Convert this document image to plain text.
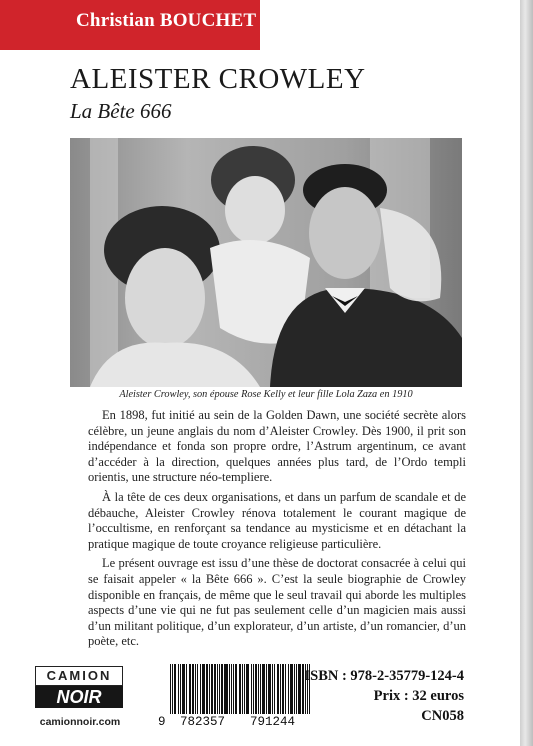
Christian BOUCHET
ALEISTER CROWLEY
La Bête 666
Aleister Crowley, son épouse Rose Kelly et leur fille Lola Zaza en 1910

En 1898, fut initié au sein de la Golden Dawn, une société secrète alors célèbre, un jeune anglais du nom d’Aleister Crowley. Dès 1900, il prit son indépendance et fonda son propre ordre, l’Astrum argentinum, ce avant d’accéder à la direction, quelques années plus tard, de l’Ordo templi orientis, une structure néo-templiere.

À la tête de ces deux organisations, et dans un parfum de scandale et de débauche, Aleister Crowley rénova totalement le courant magique de l’occultisme, en renforçant sa tendance au mysticisme et en détachant la pratique magique de toute croyance religieuse particulière.

Le présent ouvrage est issu d’une thèse de doctorat consacrée à celui qui se faisait appeler « la Bête 666 ». C’est la seule biographie de Crowley disponible en français, de même que le seul travail qui aborde les multiples aspects d’une vie qui ne fut pas seulement celle d’un magicien mais aussi d’un militant politique, d’un explorateur, d’un artiste, d’un romancier, d’un poète, etc.

CAMION
NOIR
camionnoir.com	9 782357 791244
ISBN : 978-2-35779-124-4
Prix : 32 euros
CN058
